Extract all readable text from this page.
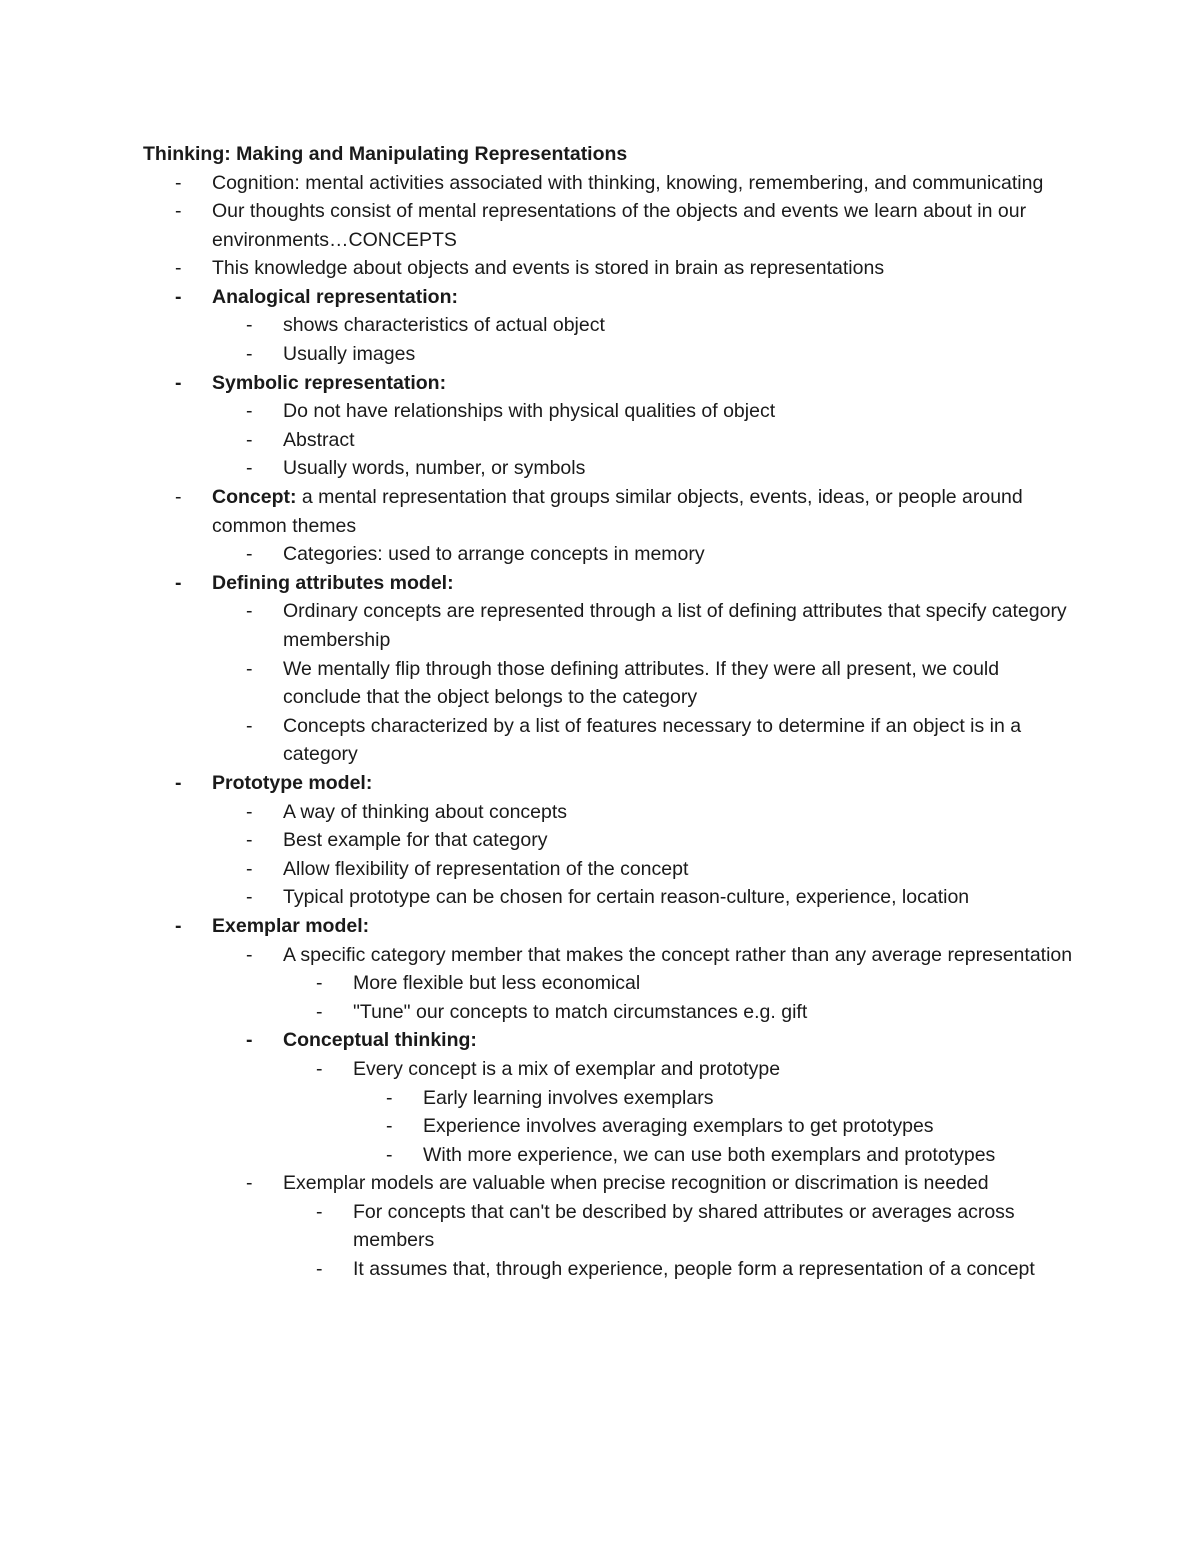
Thinking: Making and Manipulating Representations
- Cognition: mental activities associated with thinking, knowing, remembering, and communicating
- Our thoughts consist of mental representations of the objects and events we learn about in our environments…CONCEPTS
- This knowledge about objects and events is stored in brain as representations
- Analogical representation:
- shows characteristics of actual object
- Usually images
- Symbolic representation:
- Do not have relationships with physical qualities of object
- Abstract
- Usually words, number, or symbols
- Concept: a mental representation that groups similar objects, events, ideas, or people around common themes
- Categories: used to arrange concepts in memory
- Defining attributes model:
- Ordinary concepts are represented through a list of defining attributes that specify category membership
- We mentally flip through those defining attributes. If they were all present, we could conclude that the object belongs to the category
- Concepts characterized by a list of features necessary to determine if an object is in a category
- Prototype model:
- A way of thinking about concepts
- Best example for that category
- Allow flexibility of representation of the concept
- Typical prototype can be chosen for certain reason-culture, experience, location
- Exemplar model:
- A specific category member that makes the concept rather than any average representation
- More flexible but less economical
- "Tune" our concepts to match circumstances e.g. gift
- Conceptual thinking:
- Every concept is a mix of exemplar and prototype
- Early learning involves exemplars
- Experience involves averaging exemplars to get prototypes
- With more experience, we can use both exemplars and prototypes
- Exemplar models are valuable when precise recognition or discrimation is needed
- For concepts that can't be described by shared attributes or averages across members
- It assumes that, through experience, people form a representation of a concept
